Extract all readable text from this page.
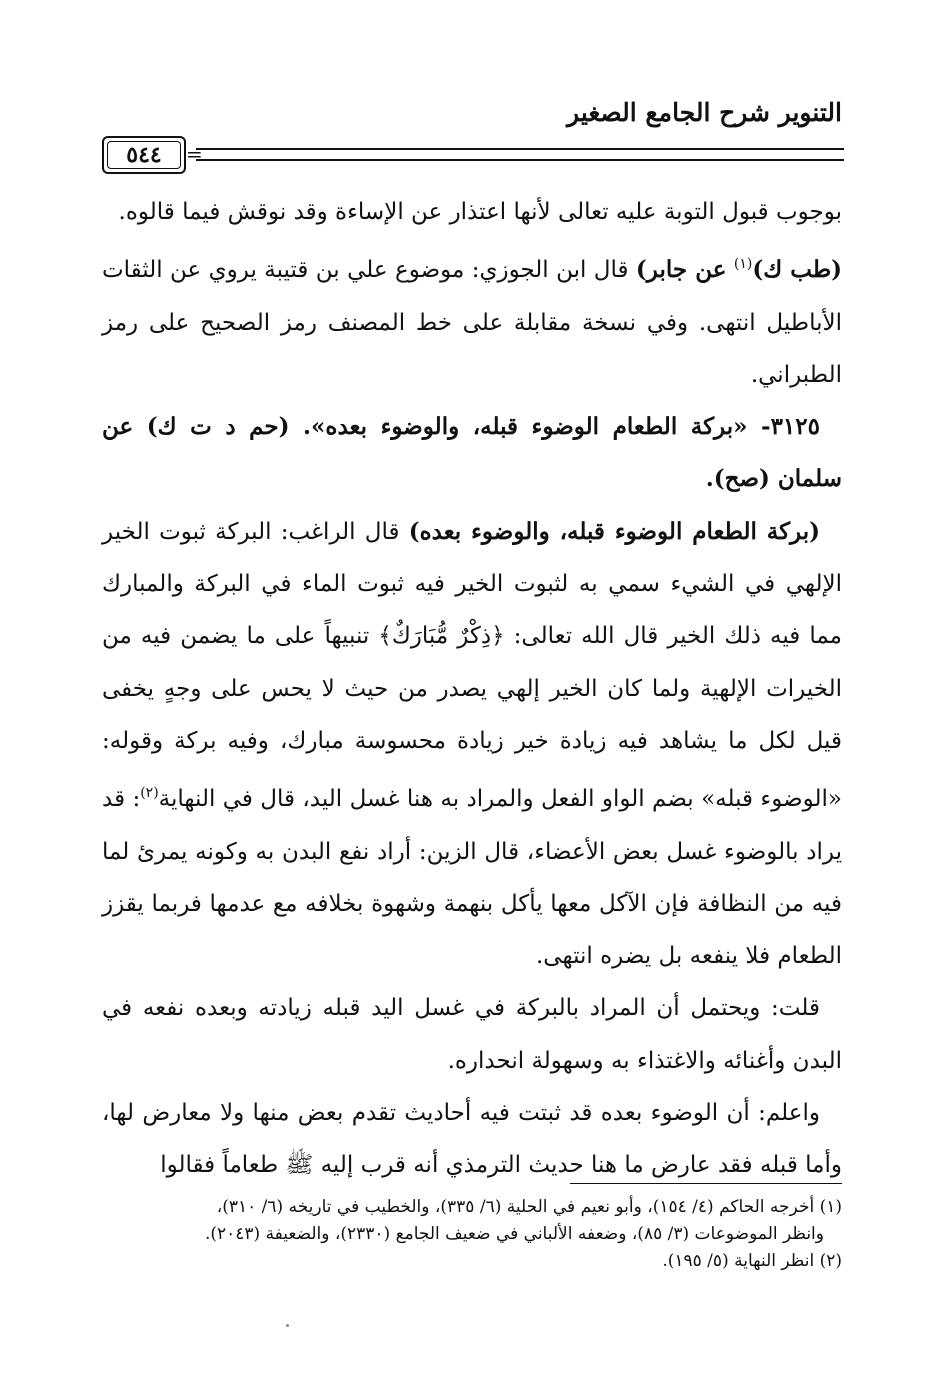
التنوير شرح الجامع الصغير
٥٤٤ =

بوجوب قبول التوبة عليه تعالى لأنها اعتذار عن الإساءة وقد نوقش فيما قالوه.

(طب ك)$^{(١)}$ عن جابر) قال ابن الجوزي: موضوع علي بن قتيبة يروي عن الثقات الأباطيل انتهى. وفي نسخة مقابلة على خط المصنف رمز الصحيح على رمز الطبراني.

٣١٢٥- «بركة الطعام الوضوء قبله، والوضوء بعده». (حم د ت ك) عن سلمان (صح).

(بركة الطعام الوضوء قبله، والوضوء بعده) قال الراغب: البركة ثبوت الخير الإلهي في الشيء سمي به لثبوت الخير فيه ثبوت الماء في البركة والمبارك مما فيه ذلك الخير قال الله تعالى: ﴿ذِكْرٌ مُّبَارَكٌ﴾ تنبيهاً على ما يضمن فيه من الخيرات الإلهية ولما كان الخير إلهي يصدر من حيث لا يحس على وجهٍ يخفى قيل لكل ما يشاهد فيه زيادة خير زيادة محسوسة مبارك، وفيه بركة وقوله: «الوضوء قبله» بضم الواو الفعل والمراد به هنا غسل اليد، قال في النهاية$^{(٢)}$: قد يراد بالوضوء غسل بعض الأعضاء، قال الزين: أراد نفع البدن به وكونه يمرئ لما فيه من النظافة فإن الآكل معها يأكل بنهمة وشهوة بخلافه مع عدمها فربما يقزز الطعام فلا ينفعه بل يضره انتهى.

قلت: ويحتمل أن المراد بالبركة في غسل اليد قبله زيادته وبعده نفعه في البدن وأغنائه والاغتذاء به وسهولة انحداره.

واعلم: أن الوضوء بعده قد ثبتت فيه أحاديث تقدم بعض منها ولا معارض لها، وأما قبله فقد عارض ما هنا حديث الترمذي أنه قرب إليه ﷺ طعاماً فقالوا

(١) أخرجه الحاكم (٤/ ١٥٤)، وأبو نعيم في الحلية (٦/ ٣٣٥)، والخطيب في تاريخه (٦/ ٣١٠)،

وانظر الموضوعات (٣/ ٨٥)، وضعفه الألباني في ضعيف الجامع (٢٣٣٠)، والضعيفة (٢٠٤٣).

(٢) انظر النهاية (٥/ ١٩٥).
